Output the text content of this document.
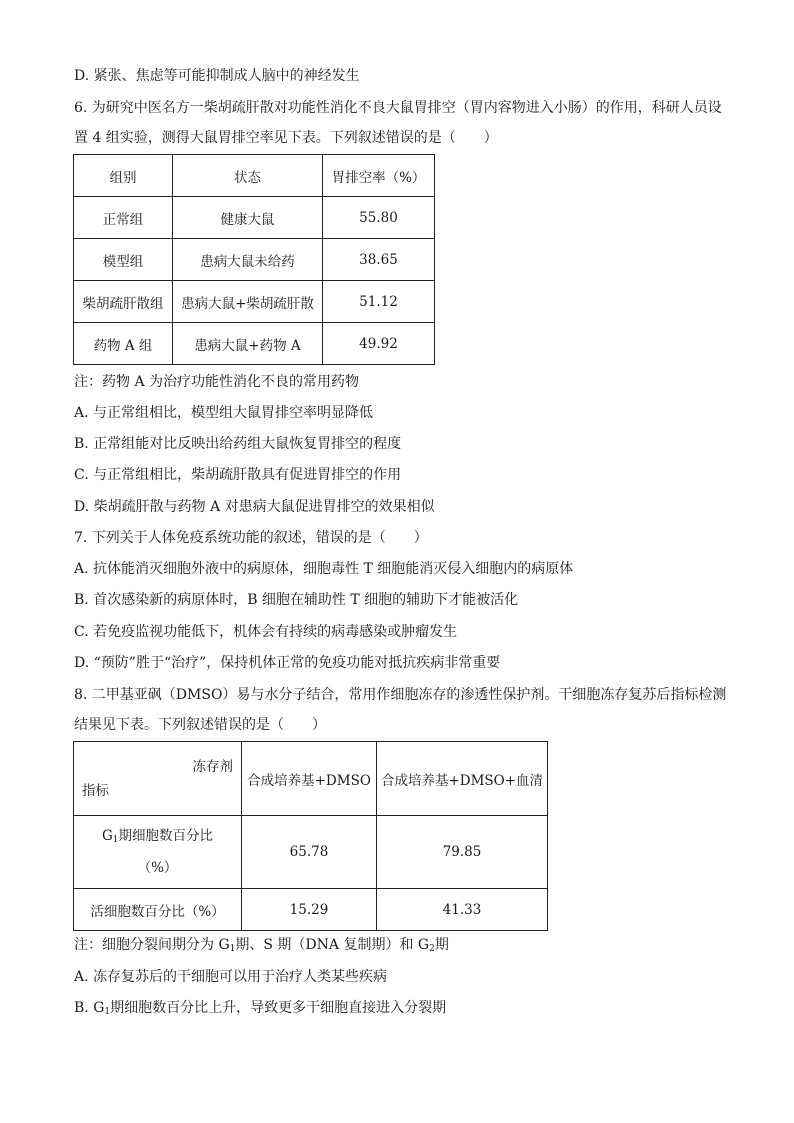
D. 紧张、焦虑等可能抑制成人脑中的神经发生
6. 为研究中医名方一柴胡疏肝散对功能性消化不良大鼠胃排空（胃内容物进入小肠）的作用，科研人员设
置 4 组实验，测得大鼠胃排空率见下表。下列叙述错误的是（　　）
组别	状态	胃排空率（%）
正常组	健康大鼠	55.80
模型组	患病大鼠未给药	38.65
柴胡疏肝散组	患病大鼠+柴胡疏肝散	51.12
药物 A 组	患病大鼠+药物 A	49.92
注：药物 A 为治疗功能性消化不良的常用药物
A. 与正常组相比，模型组大鼠胃排空率明显降低
B. 正常组能对比反映出给药组大鼠恢复胃排空的程度
C. 与正常组相比，柴胡疏肝散具有促进胃排空的作用
D. 柴胡疏肝散与药物 A 对患病大鼠促进胃排空的效果相似
7. 下列关于人体免疫系统功能的叙述，错误的是（　　）
A. 抗体能消灭细胞外液中的病原体，细胞毒性 T 细胞能消灭侵入细胞内的病原体
B. 首次感染新的病原体时，B 细胞在辅助性 T 细胞的辅助下才能被活化
C. 若免疫监视功能低下，机体会有持续的病毒感染或肿瘤发生
D. “预防”胜于“治疗”，保持机体正常的免疫功能对抵抗疾病非常重要
8. 二甲基亚砜（DMSO）易与水分子结合，常用作细胞冻存的渗透性保护剂。干细胞冻存复苏后指标检测
结果见下表。下列叙述错误的是（　　）
冻存剂
指标	合成培养基+DMSO	合成培养基+DMSO+血清
$G_1$期细胞数百分比
（%）	65.78	79.85
活细胞数百分比（%）	15.29	41.33
注：细胞分裂间期分为 $G_1$期、S 期（DNA 复制期）和 $G_2$期
A. 冻存复苏后的干细胞可以用于治疗人类某些疾病
B. $G_1$期细胞数百分比上升，导致更多干细胞直接进入分裂期
